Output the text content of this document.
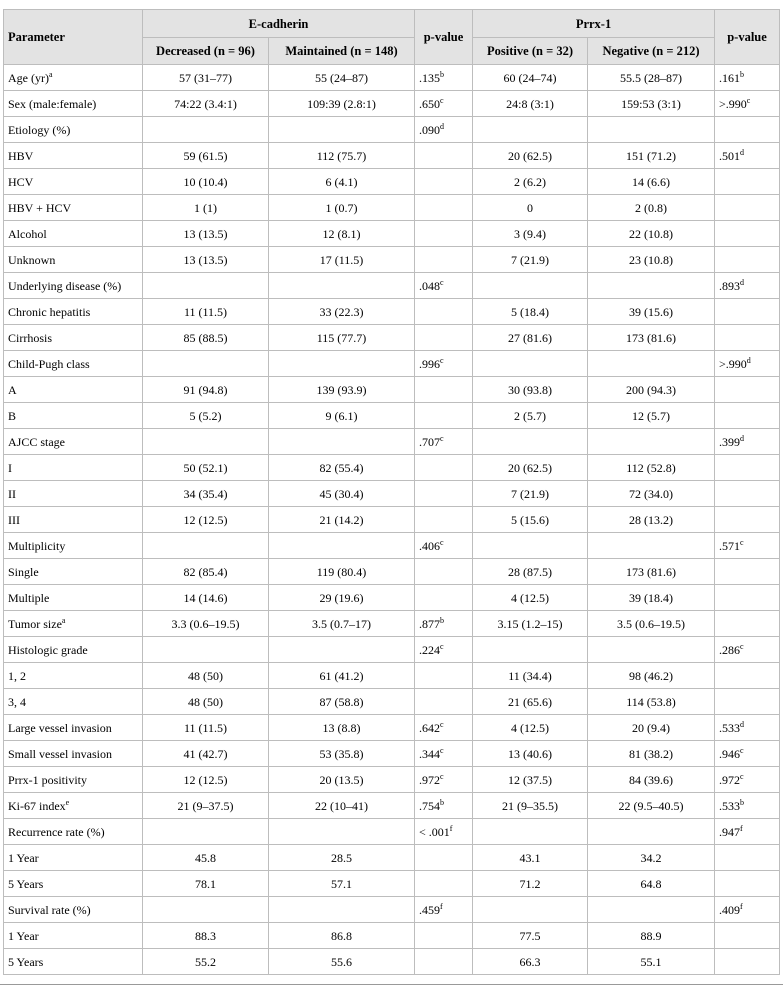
Parameter	E-cadherin		p-value	Prrx-1		p-value
	Decreased (n = 96)	Maintained (n = 148)		Positive (n = 32)	Negative (n = 212)	
Age (yr)$^a$	57 (31–77)	55 (24–87)	.135$^b$	60 (24–74)	55.5 (28–87)	.161$^b$
Sex (male:female)	74:22 (3.4:1)	109:39 (2.8:1)	.650$^c$	24:8 (3:1)	159:53 (3:1)	>.990$^c$
Etiology (%)			.090$^d$			
HBV	59 (61.5)	112 (75.7)		20 (62.5)	151 (71.2)	.501$^d$
HCV	10 (10.4)	6 (4.1)		2 (6.2)	14 (6.6)	
HBV + HCV	1 (1)	1 (0.7)		0	2 (0.8)	
Alcohol	13 (13.5)	12 (8.1)		3 (9.4)	22 (10.8)	
Unknown	13 (13.5)	17 (11.5)		7 (21.9)	23 (10.8)	
Underlying disease (%)			.048$^c$			.893$^d$
Chronic hepatitis	11 (11.5)	33 (22.3)		5 (18.4)	39 (15.6)	
Cirrhosis	85 (88.5)	115 (77.7)		27 (81.6)	173 (81.6)	
Child-Pugh class			.996$^c$			>.990$^d$
A	91 (94.8)	139 (93.9)		30 (93.8)	200 (94.3)	
B	5 (5.2)	9 (6.1)		2 (5.7)	12 (5.7)	
AJCC stage			.707$^c$			.399$^d$
I	50 (52.1)	82 (55.4)		20 (62.5)	112 (52.8)	
II	34 (35.4)	45 (30.4)		7 (21.9)	72 (34.0)	
III	12 (12.5)	21 (14.2)		5 (15.6)	28 (13.2)	
Multiplicity			.406$^c$			.571$^c$
Single	82 (85.4)	119 (80.4)		28 (87.5)	173 (81.6)	
Multiple	14 (14.6)	29 (19.6)		4 (12.5)	39 (18.4)	
Tumor size$^a$	3.3 (0.6–19.5)	3.5 (0.7–17)	.877$^b$	3.15 (1.2–15)	3.5 (0.6–19.5)	
Histologic grade			.224$^c$			.286$^c$
1, 2	48 (50)	61 (41.2)		11 (34.4)	98 (46.2)	
3, 4	48 (50)	87 (58.8)		21 (65.6)	114 (53.8)	
Large vessel invasion	11 (11.5)	13 (8.8)	.642$^c$	4 (12.5)	20 (9.4)	.533$^d$
Small vessel invasion	41 (42.7)	53 (35.8)	.344$^c$	13 (40.6)	81 (38.2)	.946$^c$
Prrx-1 positivity	12 (12.5)	20 (13.5)	.972$^c$	12 (37.5)	84 (39.6)	.972$^c$
Ki-67 index$^e$	21 (9–37.5)	22 (10–41)	.754$^b$	21 (9–35.5)	22 (9.5–40.5)	.533$^b$
Recurrence rate (%)			< .001$^f$			.947$^f$
1 Year	45.8	28.5		43.1	34.2	
5 Years	78.1	57.1		71.2	64.8	
Survival rate (%)			.459$^f$			.409$^f$
1 Year	88.3	86.8		77.5	88.9	
5 Years	55.2	55.6		66.3	55.1	
